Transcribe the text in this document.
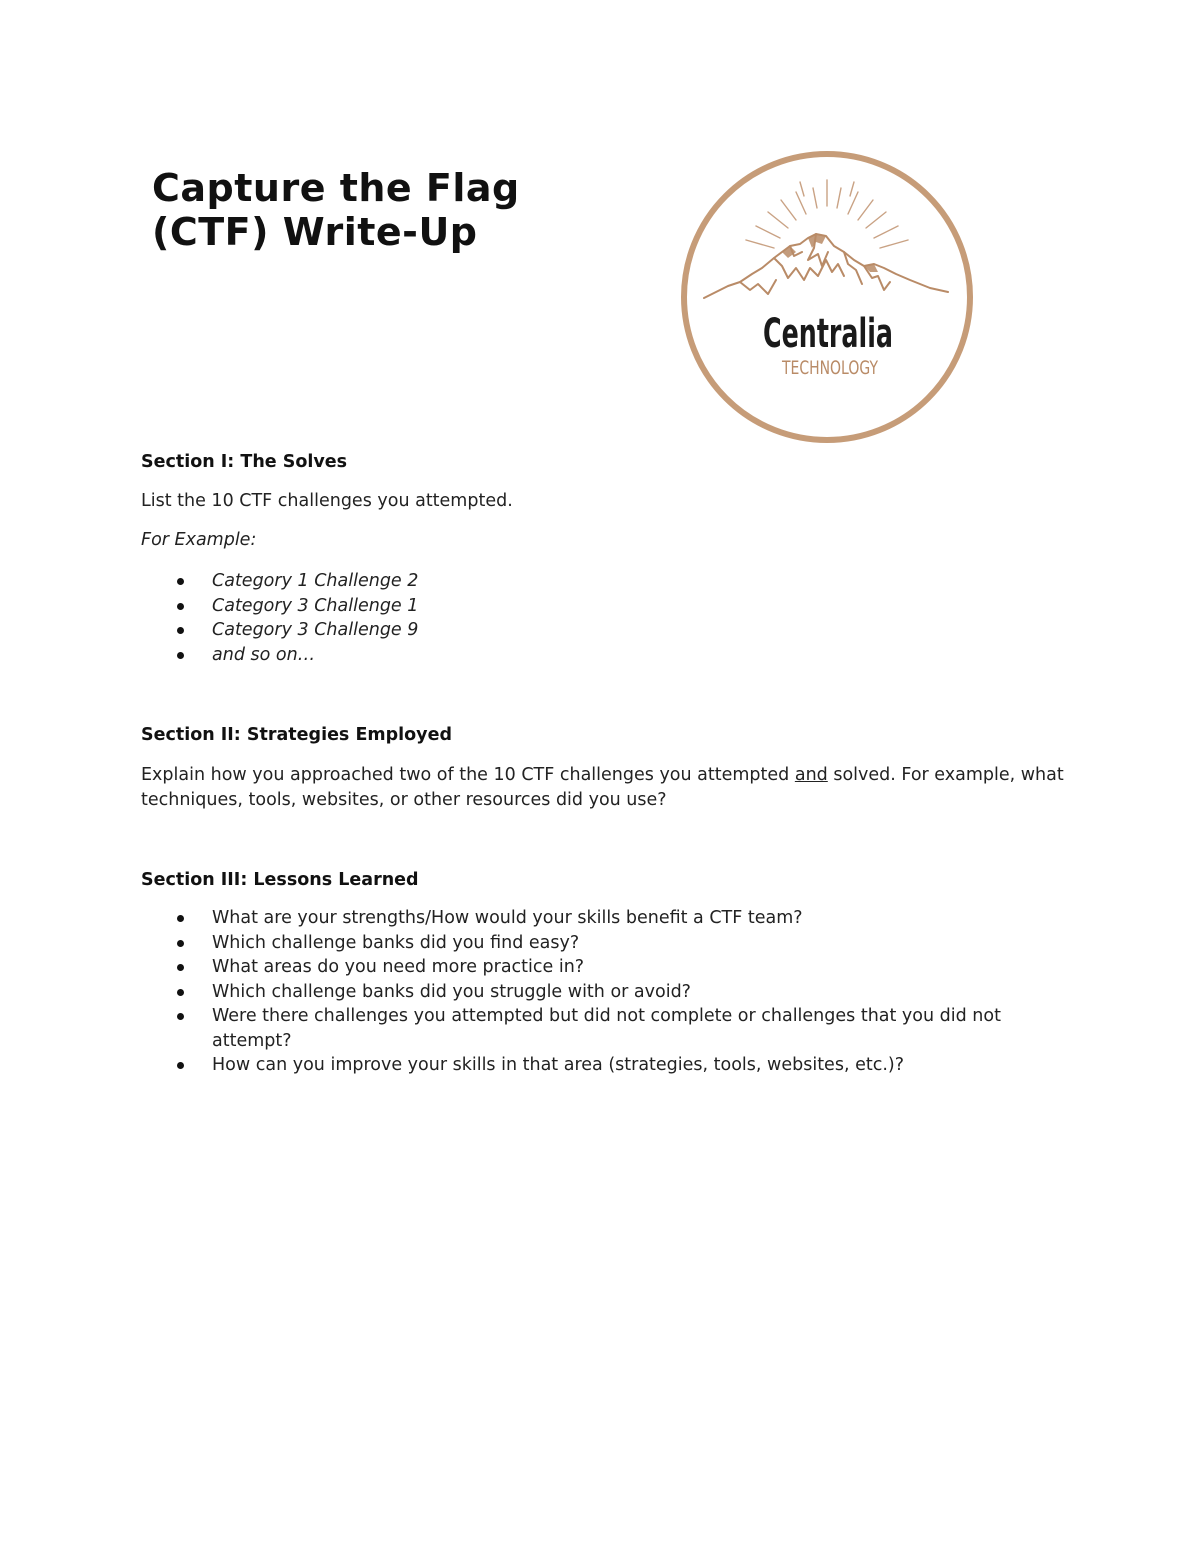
Capture the Flag
(CTF) Write-Up
Centralia
TECHNOLOGY
Section I: The Solves

List the 10 CTF challenges you attempted.

For Example:

Category 1 Challenge 2
Category 3 Challenge 1
Category 3 Challenge 9
and so on…
Section II: Strategies Employed

Explain how you approached two of the 10 CTF challenges you attempted and solved. For example, what techniques, tools, websites, or other resources did you use?

Section III: Lessons Learned
What are your strengths/How would your skills benefit a CTF team?
Which challenge banks did you find easy?
What areas do you need more practice in?
Which challenge banks did you struggle with or avoid?
Were there challenges you attempted but did not complete or challenges that you did not attempt?
How can you improve your skills in that area (strategies, tools, websites, etc.)?
